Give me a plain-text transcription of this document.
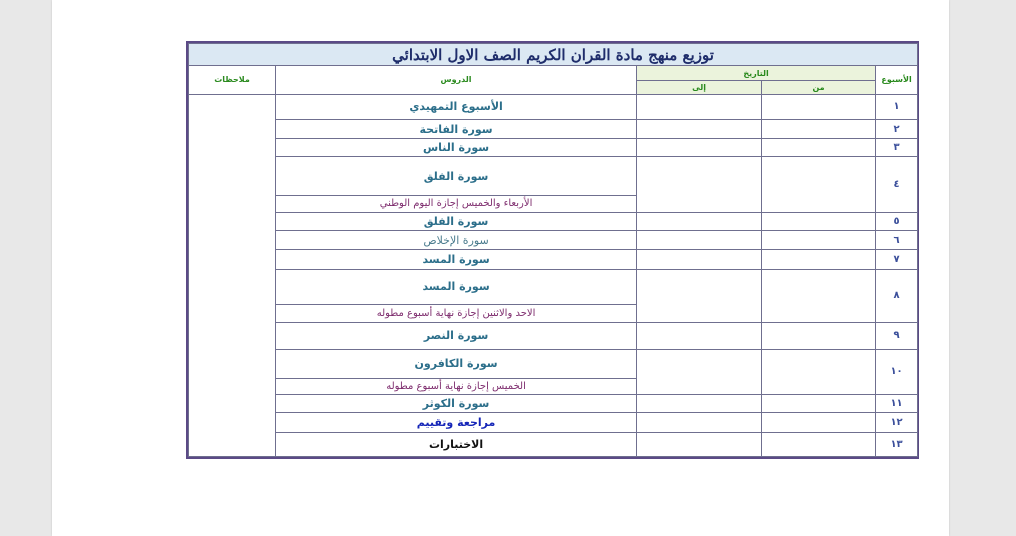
توزيع منهج مادة القران الكريم الصف الاول الابتدائي				
الأسبوع	التاريخ		الدروس	ملاحظات
	من	إلى		
١			الأسبوع التمهيدي	
٢			سورة الفاتحة	
٣			سورة الناس	
٤			سورة الفلق	
			الأربعاء والخميس إجازة اليوم الوطني	
٥			سورة الفلق	
٦			سورة الإخلاص	
٧			سورة المسد	
٨			سورة المسد	
			الاحد والاثنين إجازة نهاية أسبوع مطوله	
٩			سورة النصر	
١٠			سورة الكافرون	
			الخميس إجازة نهاية أسبوع مطوله	
١١			سورة الكوثر	
١٢			مراجعة وتقييم	
١٣			الاختبارات	
